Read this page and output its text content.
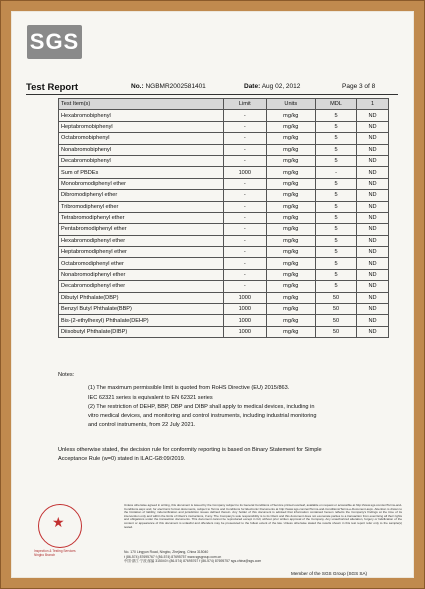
SGS
Test Report	No.: NGBMR2002581401	Date: Aug 02, 2012	Page 3 of 8
Test Item(s)	Limit	Units	MDL	1
Hexabromobiphenyl	-	mg/kg	5	ND
Heptabromobiphenyl	-	mg/kg	5	ND
Octabromobiphenyl	-	mg/kg	5	ND
Nonabromobiphenyl	-	mg/kg	5	ND
Decabromobiphenyl	-	mg/kg	5	ND
Sum of PBDEs	1000	mg/kg	-	ND
Monobromodiphenyl ether	-	mg/kg	5	ND
Dibromodiphenyl ether	-	mg/kg	5	ND
Tribromodiphenyl ether	-	mg/kg	5	ND
Tetrabromodiphenyl ether	-	mg/kg	5	ND
Pentabromodiphenyl ether	-	mg/kg	5	ND
Hexabromodiphenyl ether	-	mg/kg	5	ND
Heptabromodiphenyl ether	-	mg/kg	5	ND
Octabromodiphenyl ether	-	mg/kg	5	ND
Nonabromodiphenyl ether	-	mg/kg	5	ND
Decabromodiphenyl ether	-	mg/kg	5	ND
Dibutyl Phthalate(DBP)	1000	mg/kg	50	ND
Benzyl Butyl Phthalate(BBP)	1000	mg/kg	50	ND
Bis-(2-ethylhexyl) Phthalate(DEHP)	1000	mg/kg	50	ND
Diisobutyl Phthalate(DIBP)	1000	mg/kg	50	ND
Notes:
(1) The maximum permissible limit is quoted from RoHS Directive (EU) 2015/863.
IEC 62321 series is equivalent to EN 62321 series
(2) The restriction of DEHP, BBP, DBP and DIBP shall apply to medical devices, including in
vitro medical devices, and monitoring and control instruments, including industrial monitoring
and control instruments, from 22 July 2021.
Unless otherwise stated, the decision rule for conformity reporting is based on Binary Statement for Simple
Acceptance Rule (w=0) stated in ILAC-G8:09/2019.
★
Inspection & Testing Services
Ningbo Branch
Unless otherwise agreed in writing, this document is issued by the Company subject to its General Conditions of Service printed overleaf, available on request or accessible at http://www.sgs.com/en/Terms-and-Conditions.aspx and, for electronic format documents, subject to Terms and Conditions for Electronic Documents at http://www.sgs.com/en/Terms-and-Conditions/Terms-e-Document.aspx. Attention is drawn to the limitation of liability, indemnification and jurisdiction issues defined therein. Any holder of this document is advised that information contained hereon reflects the Company's findings at the time of its intervention only and within the limits of Client's instructions, if any. The Company's sole responsibility is to its Client and this document does not exonerate parties to a transaction from exercising all their rights and obligations under the transaction documents. This document cannot be reproduced except in full, without prior written approval of the Company. Any unauthorized alteration, forgery or falsification of the content or appearance of this document is unlawful and offenders may be prosecuted to the fullest extent of the law. Unless otherwise stated the results shown in this test report refer only to the sample(s) tested.
No. 170 Lingyun Road, Ningbo, Zhejiang, China 315040
t (86-574) 87695767 f (86-574) 87695757 www.sgsgroup.com.cn
中国·浙江·宁波 邮编 315040 t (86-574) 87695767 f (86-574) 87695757 sgs.china@sgs.com
Member of the SGS Group (SGS SA)
